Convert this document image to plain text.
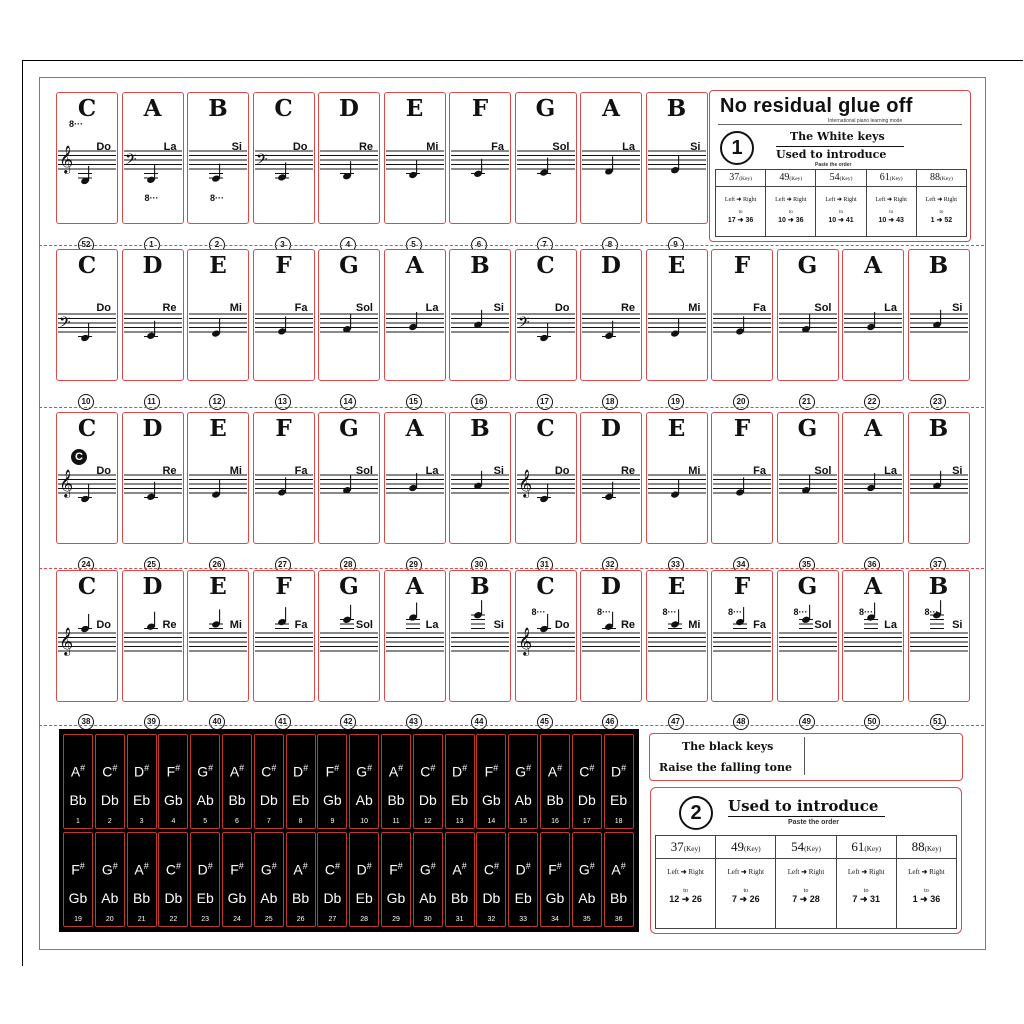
𝄞
C
Do
8···
52
𝄢
A
La
8···
1
B
Si
8···
2
𝄢
C
Do
3
D
Re
4
E
Mi
5
F
Fa
6
G
Sol
7
A
La
8
B
Si
9
𝄢
C
Do
10
D
Re
11
E
Mi
12
F
Fa
13
G
Sol
14
A
La
15
B
Si
16
𝄢
C
Do
17
D
Re
18
E
Mi
19
F
Fa
20
G
Sol
21
A
La
22
B
Si
23
𝄞
C
Do
C
24
D
Re
25
E
Mi
26
F
Fa
27
G
Sol
28
A
La
29
B
Si
30
𝄞
C
Do
31
D
Re
32
E
Mi
33
F
Fa
34
G
Sol
35
A
La
36
B
Si
37
𝄞
C
Do
38
D
Re
39
E
Mi
40
F
Fa
41
G
Sol
42
A
La
43
B
Si
44
𝄞
C
Do
8···
45
D
Re
8···
46
E
Mi
8···
47
F
Fa
8···
48
G
Sol
8···
49
A
La
8···
50
B
Si
8···
51
No residual glue off
International piano learning mode
1
The White keys
Used to introduce
Paste the order
37(Key)
Left ➜ Right
to
17 ➜ 36
49(Key)
Left ➜ Right
to
10 ➜ 36
54(Key)
Left ➜ Right
to
10 ➜ 41
61(Key)
Left ➜ Right
to
10 ➜ 43
88(Key)
Left ➜ Right
to
1 ➜ 52
A#
Bb
1
C#
Db
2
D#
Eb
3
F#
Gb
4
G#
Ab
5
A#
Bb
6
C#
Db
7
D#
Eb
8
F#
Gb
9
G#
Ab
10
A#
Bb
11
C#
Db
12
D#
Eb
13
F#
Gb
14
G#
Ab
15
A#
Bb
16
C#
Db
17
D#
Eb
18
F#
Gb
19
G#
Ab
20
A#
Bb
21
C#
Db
22
D#
Eb
23
F#
Gb
24
G#
Ab
25
A#
Bb
26
C#
Db
27
D#
Eb
28
F#
Gb
29
G#
Ab
30
A#
Bb
31
C#
Db
32
D#
Eb
33
F#
Gb
34
G#
Ab
35
A#
Bb
36
The black keys
Raise the falling tone
2	Used to introduce
Paste the order
37(Key)
Left ➜ Right
to
12 ➜ 26
49(Key)
Left ➜ Right
to
7 ➜ 26
54(Key)
Left ➜ Right
to
7 ➜ 28
61(Key)
Left ➜ Right
to
7 ➜ 31
88(Key)
Left ➜ Right
to
1 ➜ 36
